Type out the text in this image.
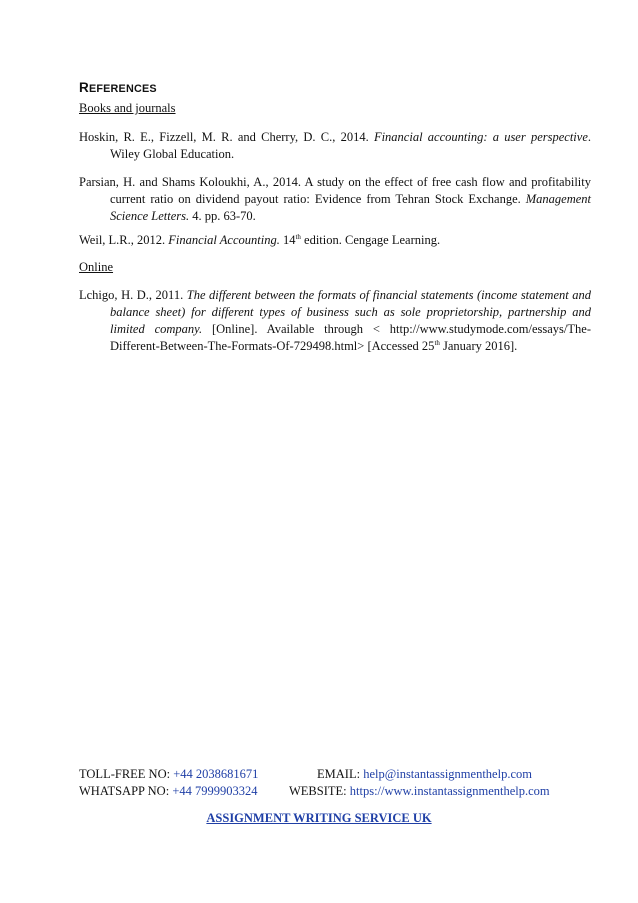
REFERENCES
Books and journals
Hoskin, R. E., Fizzell, M. R. and Cherry, D. C., 2014. Financial accounting: a user perspective. Wiley Global Education.
Parsian, H. and Shams Koloukhi, A., 2014. A study on the effect of free cash flow and profitability current ratio on dividend payout ratio: Evidence from Tehran Stock Exchange. Management Science Letters. 4. pp. 63-70.
Weil, L.R., 2012. Financial Accounting. 14th edition. Cengage Learning.
Online
Lchigo, H. D., 2011. The different between the formats of financial statements (income statement and balance sheet) for different types of business such as sole proprietorship, partnership and limited company. [Online]. Available through < http://www.studymode.com/essays/The-Different-Between-The-Formats-Of-729498.html> [Accessed 25th January 2016].
TOLL-FREE NO: +44 2038681671	EMAIL: help@instantassignmenthelp.com
WHATSAPP NO: +44 7999903324	WEBSITE: https://www.instantassignmenthelp.com
ASSIGNMENT WRITING SERVICE UK
